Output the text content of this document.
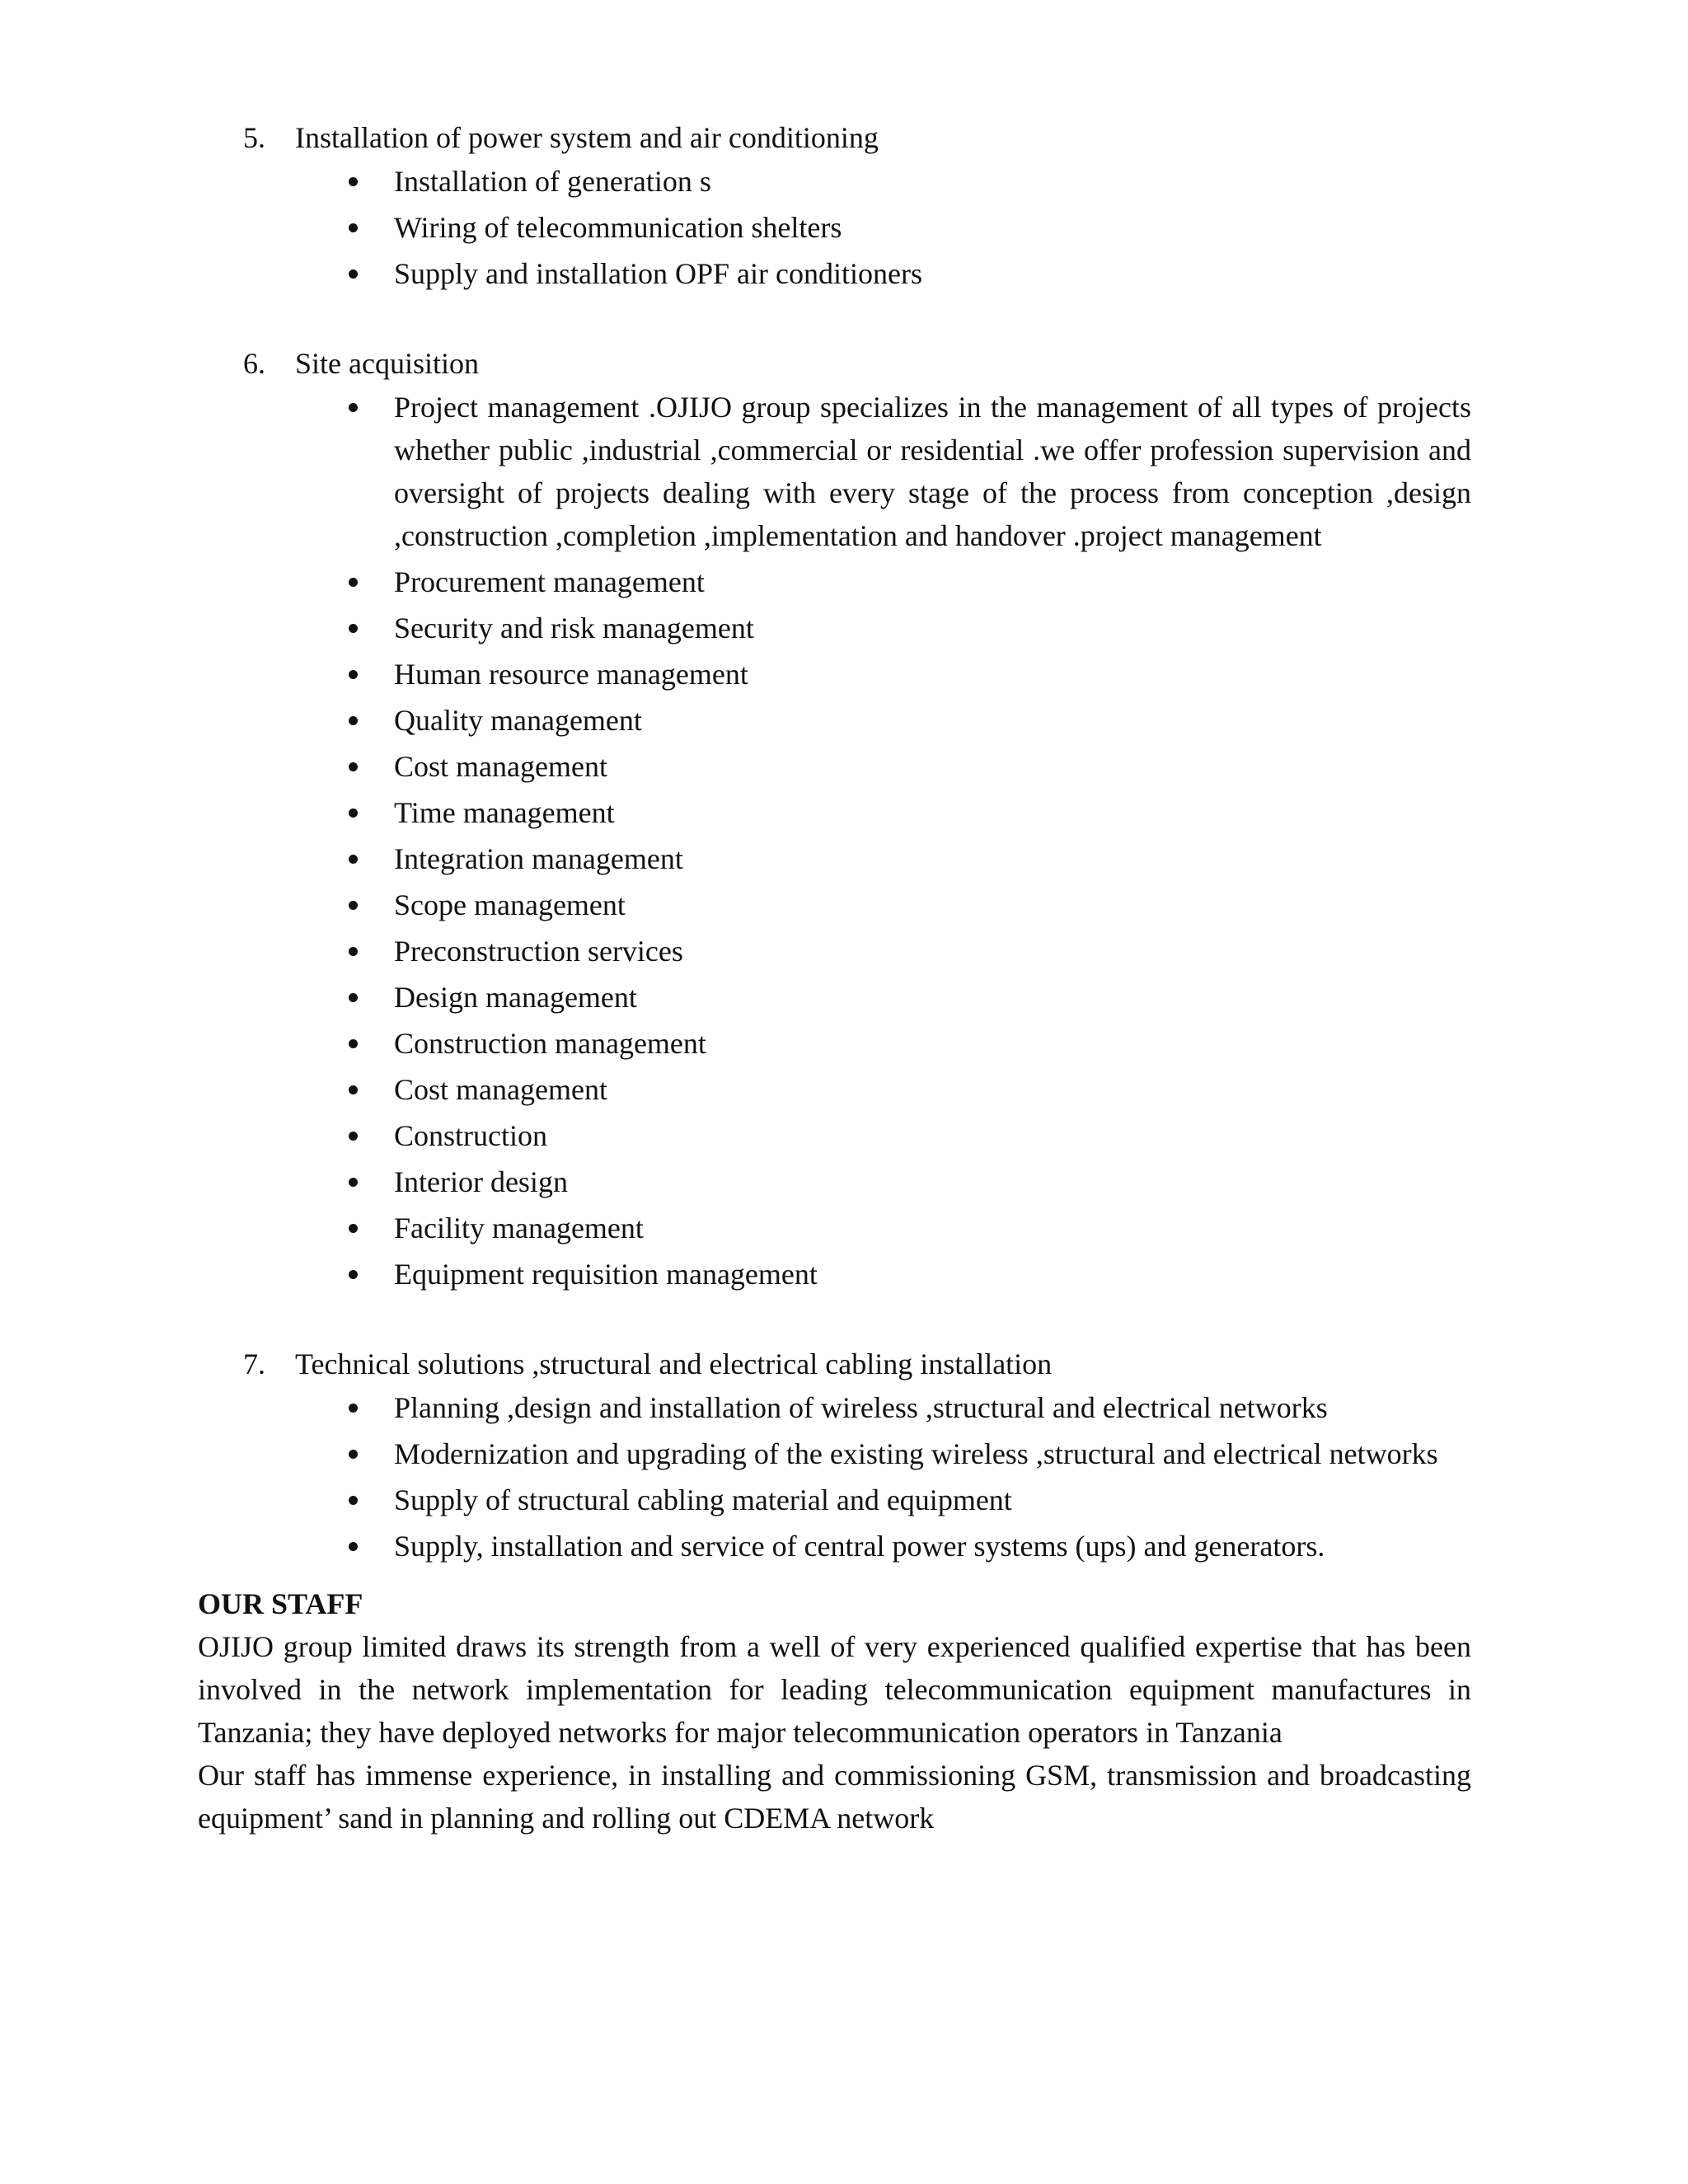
5. Installation of power system and air conditioning
Installation of generation s
Wiring of telecommunication shelters
Supply and installation OPF air conditioners
6. Site acquisition
Project management .OJIJO group specializes in the management of all types of projects whether public ,industrial ,commercial or residential .we offer profession supervision and oversight of projects dealing with every stage of the process from conception ,design ,construction ,completion ,implementation and handover .project management
Procurement management
Security and risk management
Human resource management
Quality management
Cost management
Time management
Integration management
Scope management
Preconstruction services
Design management
Construction management
Cost management
Construction
Interior design
Facility management
Equipment requisition management
7. Technical solutions ,structural and electrical cabling installation
Planning ,design and installation of wireless ,structural and electrical networks
Modernization and upgrading of the existing wireless ,structural and electrical networks
Supply of structural cabling material and equipment
Supply, installation and service of central power systems (ups) and generators.
OUR STAFF
OJIJO group limited draws its strength from a well of very experienced qualified expertise that has been involved in the network implementation for leading telecommunication equipment manufactures in Tanzania; they have deployed networks for major telecommunication operators in Tanzania
Our staff has immense experience, in installing and commissioning GSM, transmission and broadcasting equipment’ sand in planning and rolling out CDEMA network
